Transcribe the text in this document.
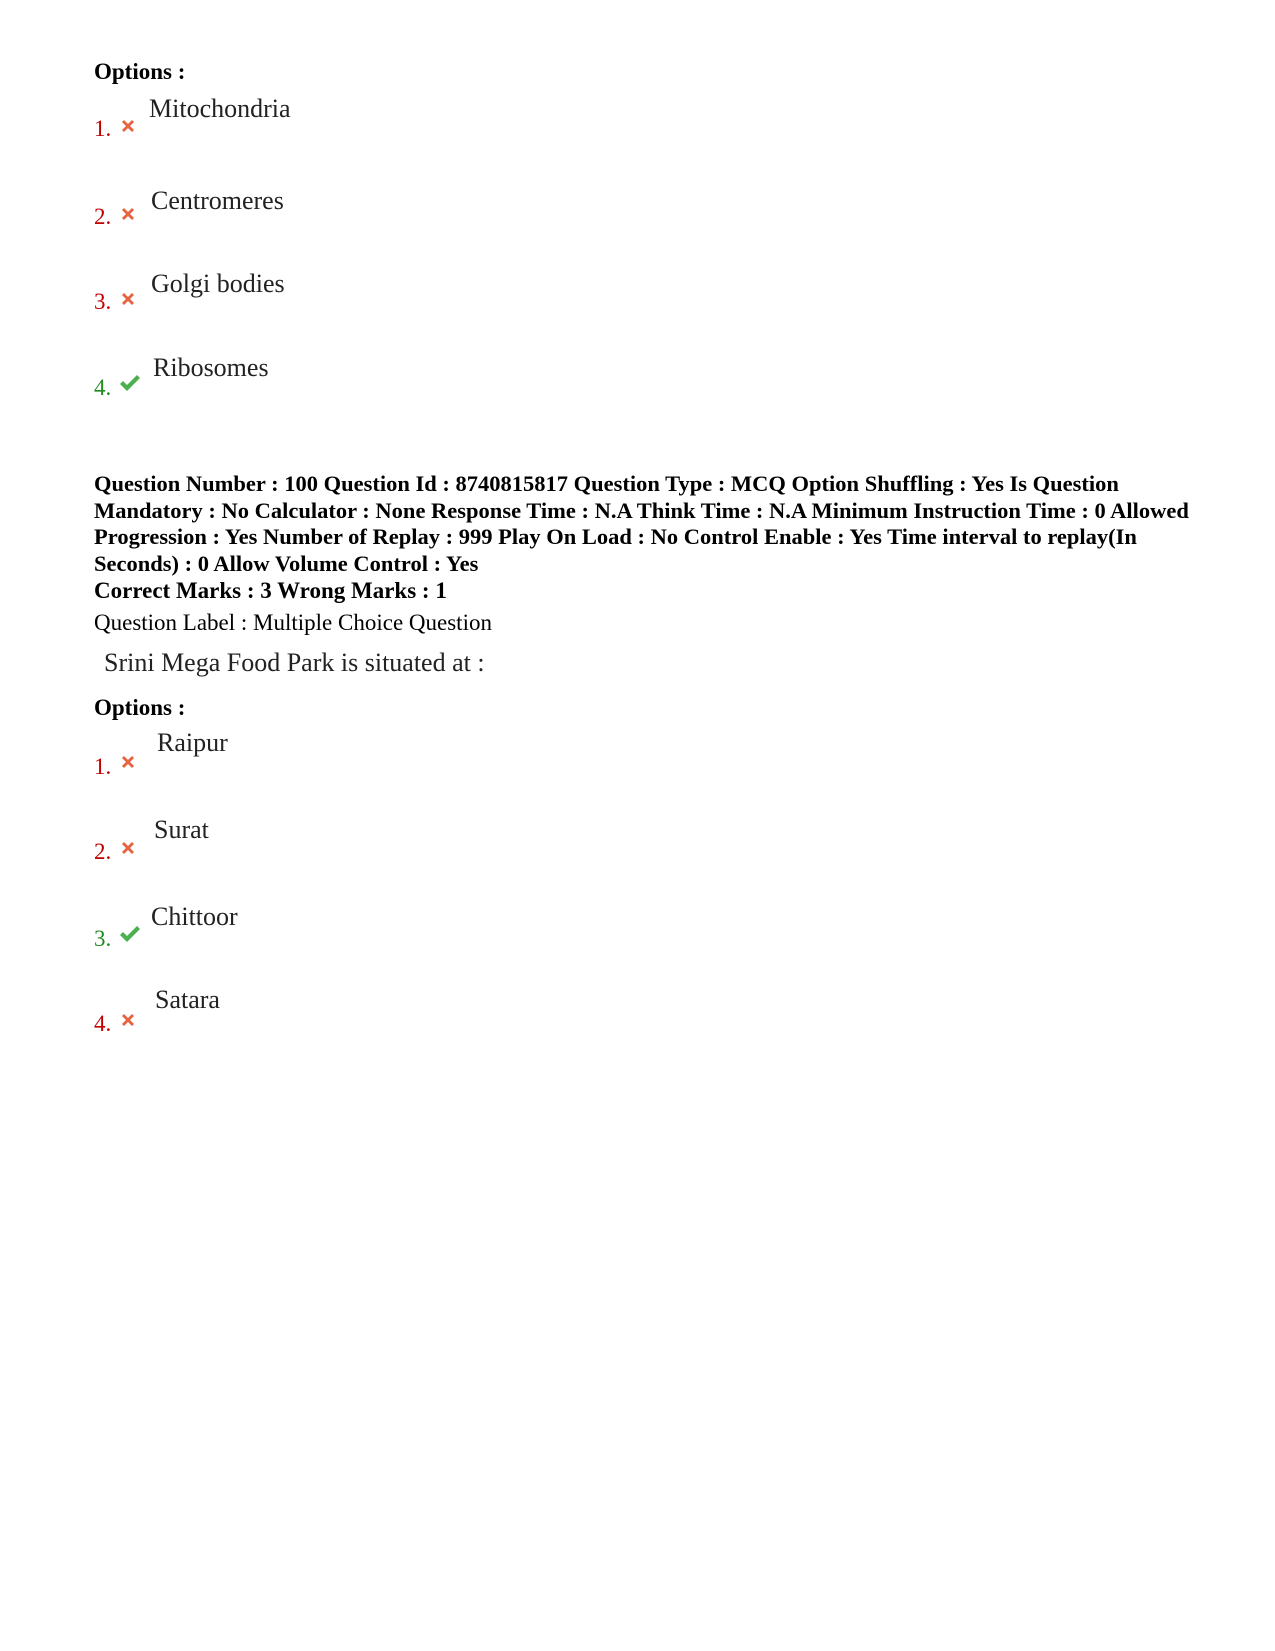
Options :
Mitochondria
1.
Centromeres
2.
Golgi bodies
3.
Ribosomes
4.
Question Number : 100 Question Id : 8740815817 Question Type : MCQ Option Shuffling : Yes Is Question Mandatory : No Calculator : None Response Time : N.A Think Time : N.A Minimum Instruction Time : 0 Allowed Progression : Yes Number of Replay : 999 Play On Load : No Control Enable : Yes Time interval to replay(In Seconds) : 0 Allow Volume Control : Yes
Correct Marks : 3 Wrong Marks : 1
Question Label : Multiple Choice Question
Srini Mega Food Park is situated at :
Options :
Raipur
1.
Surat
2.
Chittoor
3.
Satara
4.
